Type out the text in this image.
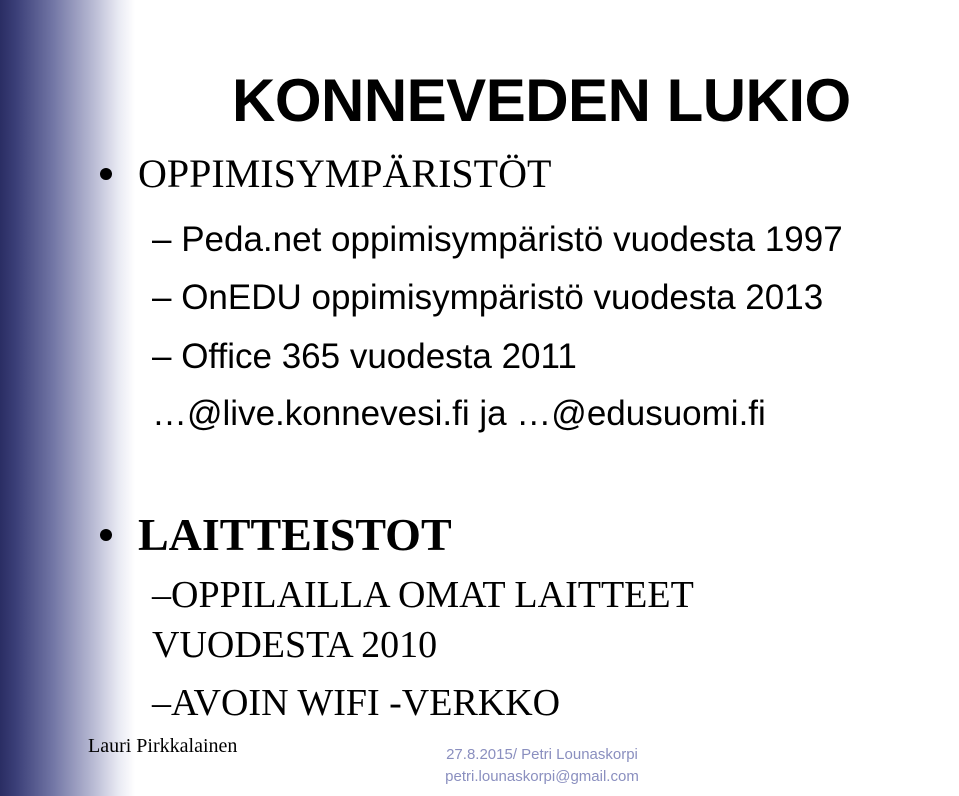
KONNEVEDEN LUKIO
OPPIMISYMPÄRISTÖT
– Peda.net oppimisympäristö vuodesta 1997
– OnEDU oppimisympäristö vuodesta 2013
– Office 365 vuodesta 2011
…@live.konnevesi.fi ja …@edusuomi.fi
LAITTEISTOT
–OPPILAILLA OMAT LAITTEET
VUODESTA 2010
–AVOIN WIFI -VERKKO
Lauri Pirkkalainen	27.8.2015/ Petri Lounaskorpi
petri.lounaskorpi@gmail.com
